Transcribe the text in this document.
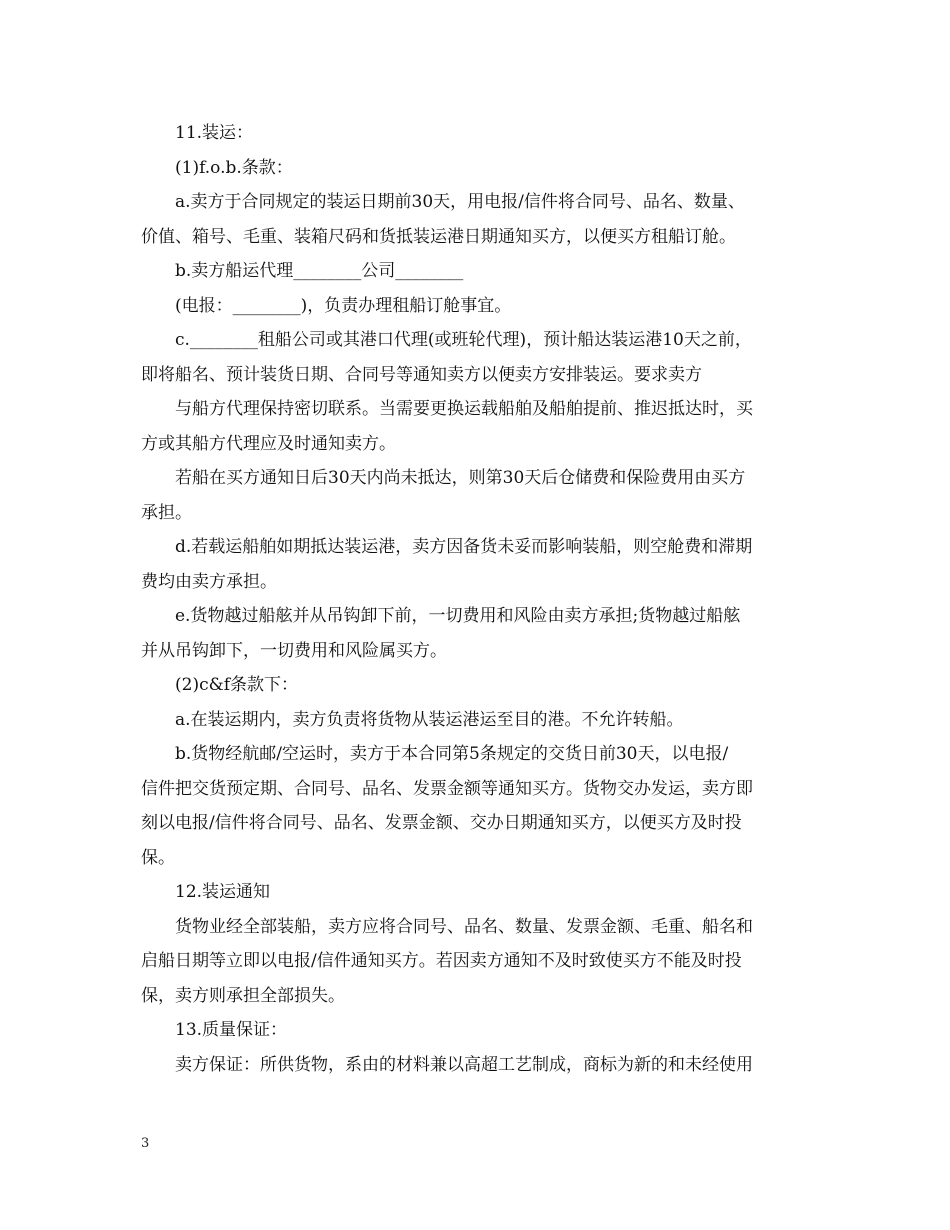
11.装运：
(1)f.o.b.条款：
a.卖方于合同规定的装运日期前30天，用电报/信件将合同号、品名、数量、
价值、箱号、毛重、装箱尺码和货抵装运港日期通知买方，以便买方租船订舱。
b.卖方船运代理________公司________
(电报：________)，负责办理租船订舱事宜。
c.________租船公司或其港口代理(或班轮代理)，预计船达装运港10天之前，
即将船名、预计装货日期、合同号等通知卖方以便卖方安排装运。要求卖方
与船方代理保持密切联系。当需要更换运载船舶及船舶提前、推迟抵达时，买
方或其船方代理应及时通知卖方。
若船在买方通知日后30天内尚未抵达，则第30天后仓储费和保险费用由买方
承担。
d.若载运船舶如期抵达装运港，卖方因备货未妥而影响装船，则空舱费和滞期
费均由卖方承担。
e.货物越过船舷并从吊钩卸下前，一切费用和风险由卖方承担;货物越过船舷
并从吊钩卸下，一切费用和风险属买方。
(2)c&f条款下：
a.在装运期内，卖方负责将货物从装运港运至目的港。不允许转船。
b.货物经航邮/空运时，卖方于本合同第5条规定的交货日前30天，以电报/
信件把交货预定期、合同号、品名、发票金额等通知买方。货物交办发运，卖方即
刻以电报/信件将合同号、品名、发票金额、交办日期通知买方，以便买方及时投
保。
12.装运通知
货物业经全部装船，卖方应将合同号、品名、数量、发票金额、毛重、船名和
启船日期等立即以电报/信件通知买方。若因卖方通知不及时致使买方不能及时投
保，卖方则承担全部损失。
13.质量保证：
卖方保证：所供货物，系由的材料兼以高超工艺制成，商标为新的和未经使用
3
